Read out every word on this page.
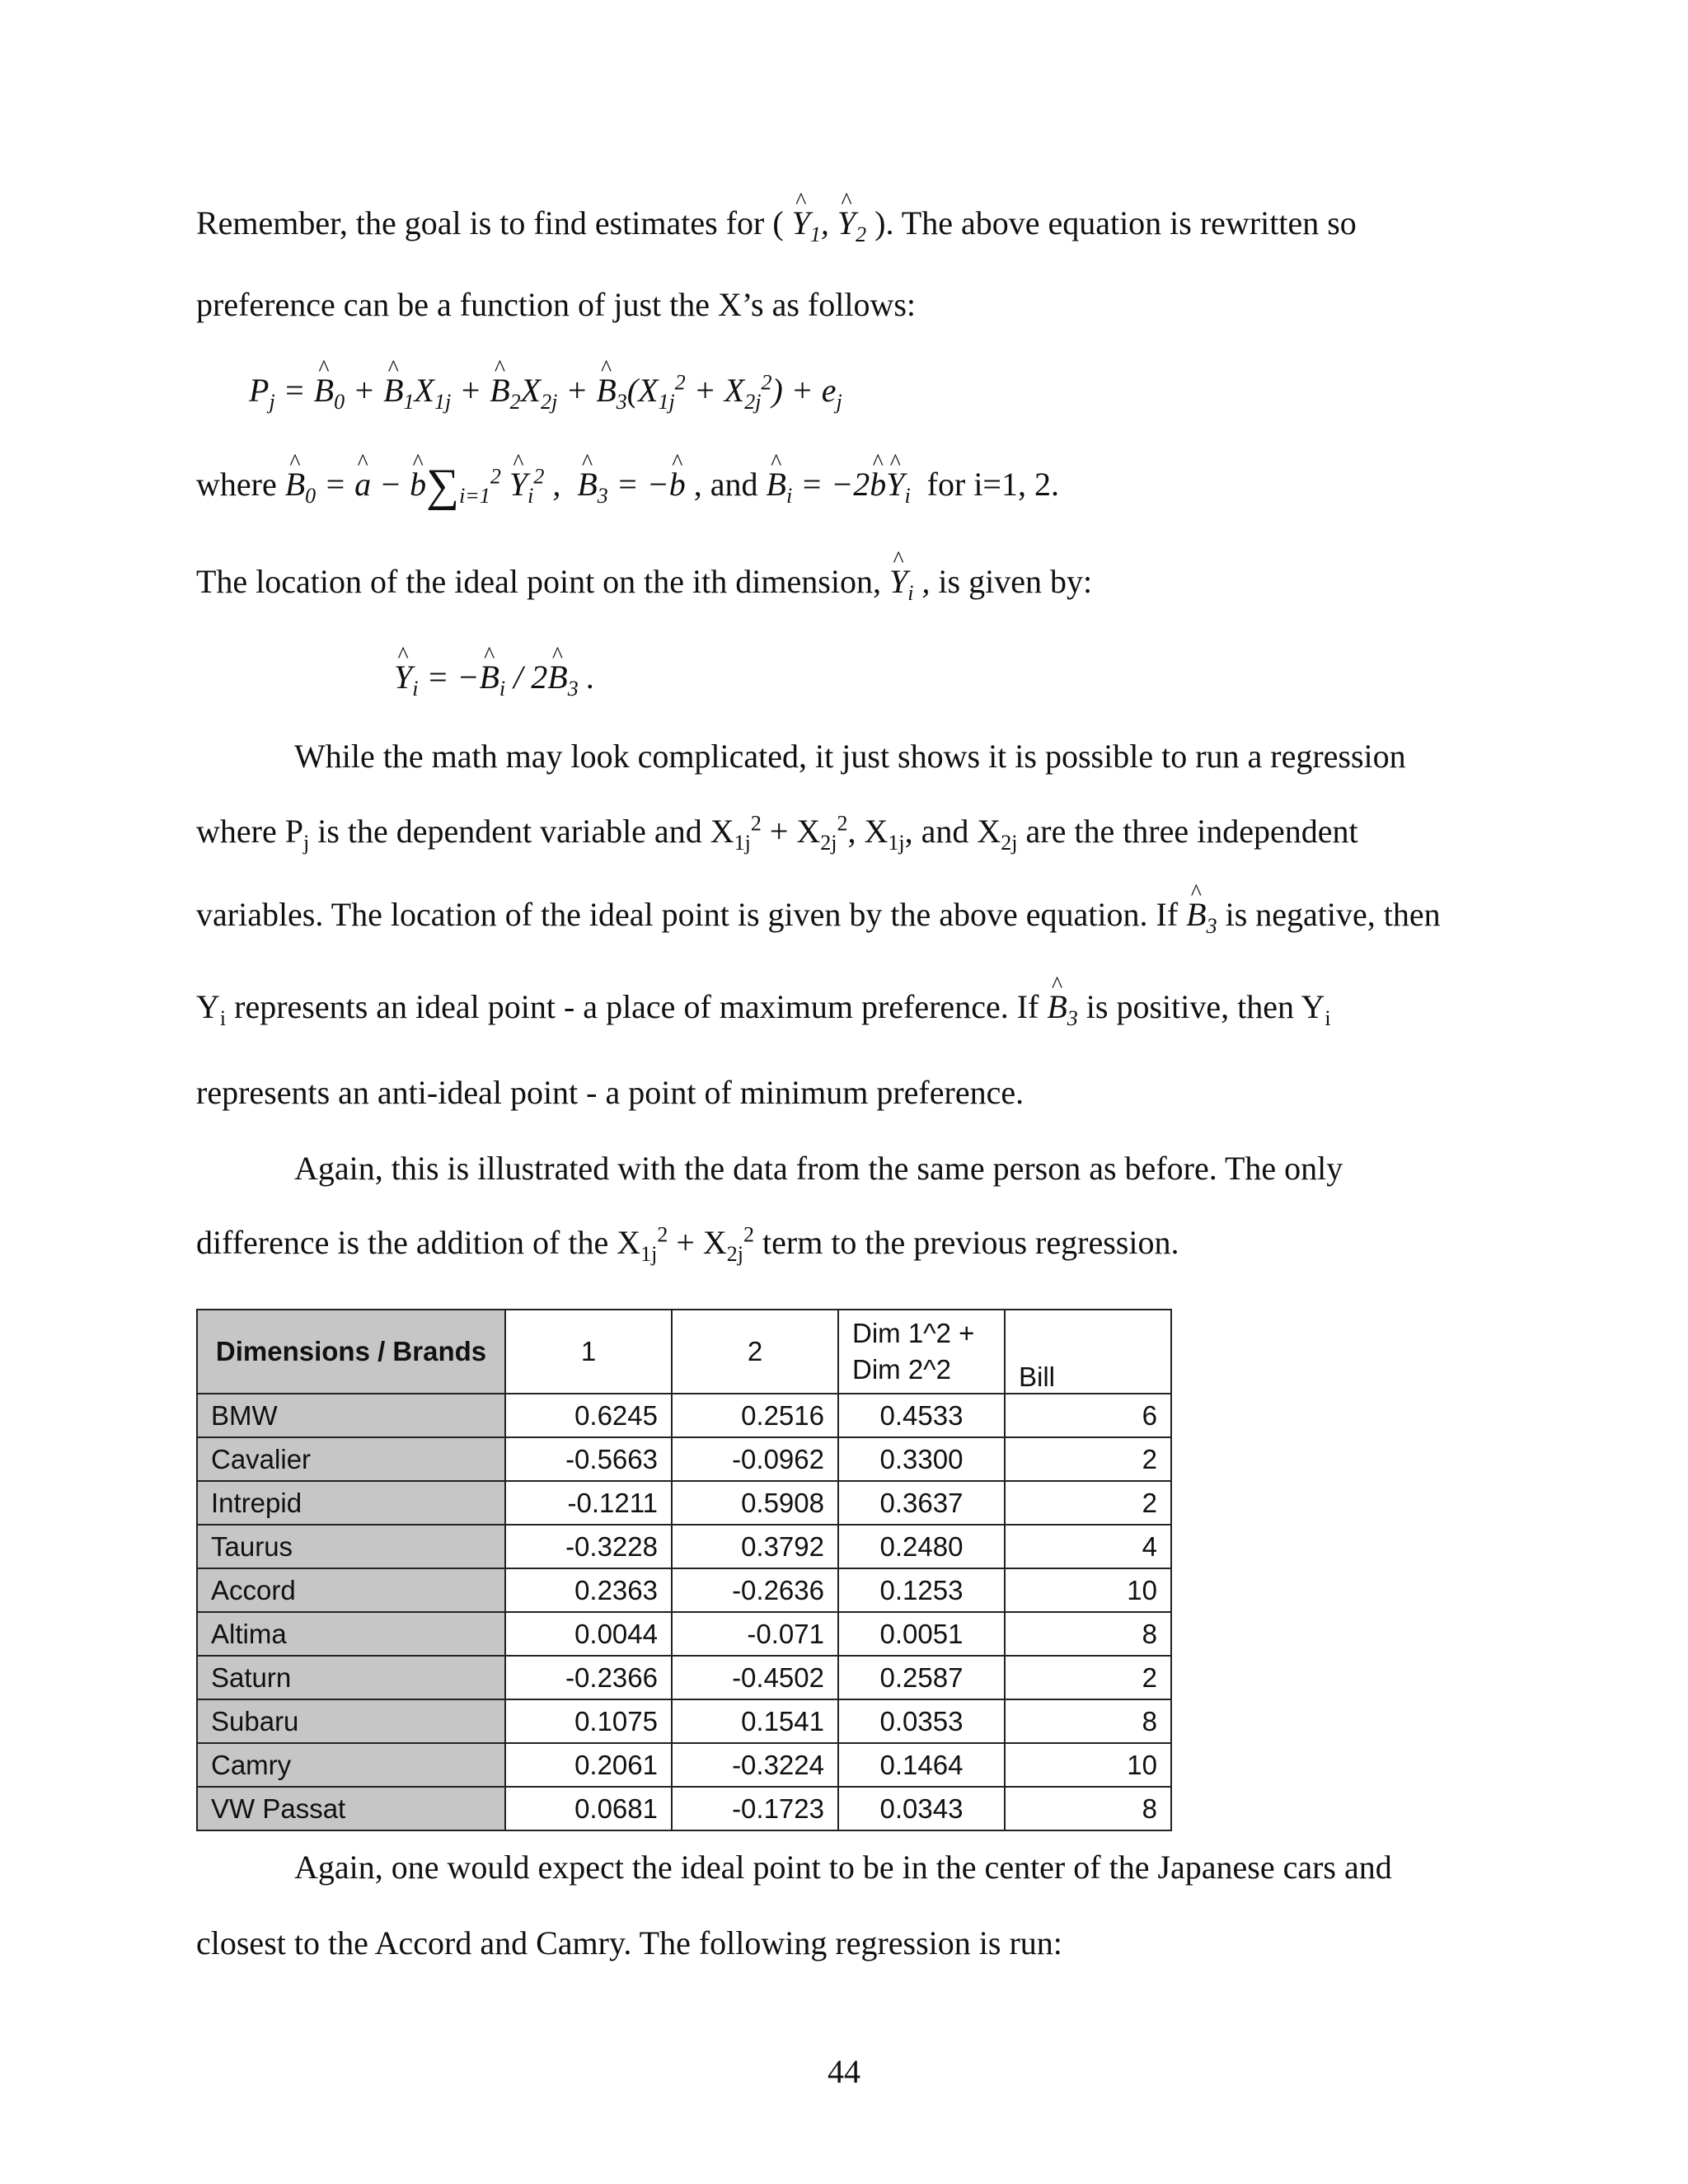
Remember, the goal is to find estimates for ( ^ $Y_1$, ^ $Y_2$ ). The above equation is rewritten so
preference can be a function of just the X’s as follows:
$P_j$ = ^ $B_0$ + ^ $B_1X_{1j}$ + ^ $B_2X_{2j}$ + ^ $B_3(X_{1j}^2 + X_{2j}^2) + e_j$
where ^ $B_0$ = ^ a − ^ $b\sum_{i=1}^2$ ^ $Y_i^2$ ,  ^ $B_3$ = −^ b , and ^ $B_i$ = −2^ b^ $Y_i$ for i=1, 2.
The location of the ideal point on the ith dimension, ^ $Y_i$ , is given by:
^ $Y_i$ = −^ $B_i$ / 2^ $B_3$ .
While the math may look complicated, it just shows it is possible to run a regression
where $P_j$ is the dependent variable and $X_{1j}^2 + X_{2j}^2$, $X_{1j}$, and $X_{2j}$ are the three independent
variables. The location of the ideal point is given by the above equation. If ^ $B_3$ is negative, then
$Y_i$ represents an ideal point - a place of maximum preference. If ^ $B_3$ is positive, then $Y_i$
represents an anti-ideal point - a point of minimum preference.
Again, this is illustrated with the data from the same person as before. The only
difference is the addition of the $X_{1j}^2 + X_{2j}^2$ term to the previous regression.
Dimensions / Brands	1	2	Dim 1^2 +
Dim 2^2	Bill
BMW	0.6245	0.2516	0.4533	6
Cavalier	-0.5663	-0.0962	0.3300	2
Intrepid	-0.1211	0.5908	0.3637	2
Taurus	-0.3228	0.3792	0.2480	4
Accord	0.2363	-0.2636	0.1253	10
Altima	0.0044	-0.071	0.0051	8
Saturn	-0.2366	-0.4502	0.2587	2
Subaru	0.1075	0.1541	0.0353	8
Camry	0.2061	-0.3224	0.1464	10
VW Passat	0.0681	-0.1723	0.0343	8
Again, one would expect the ideal point to be in the center of the Japanese cars and
closest to the Accord and Camry. The following regression is run:
44
